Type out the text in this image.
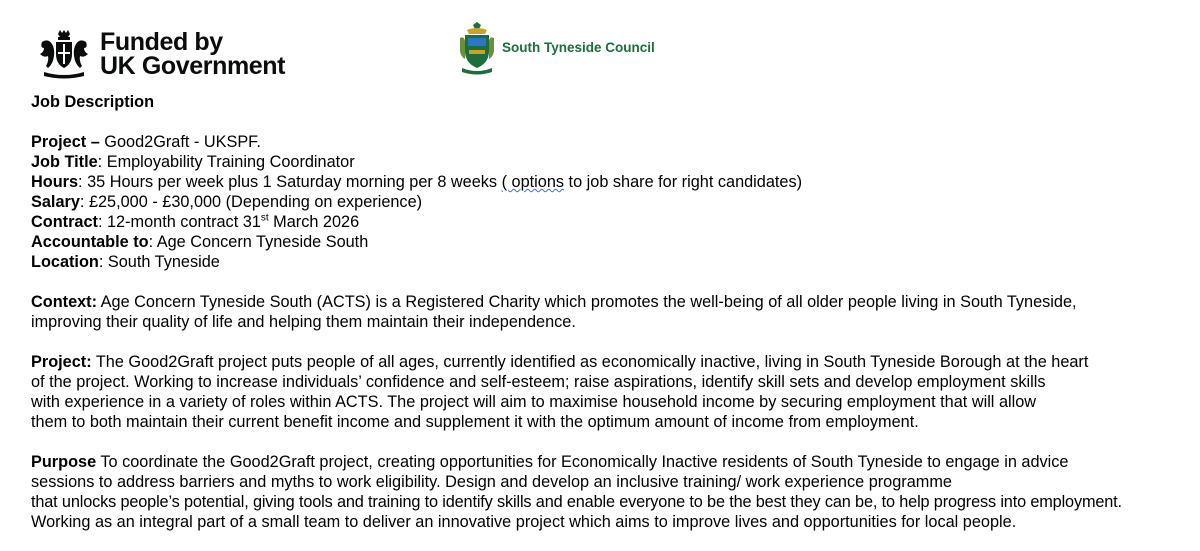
Funded by
UK Government
South Tyneside Council

Job Description

Project – Good2Graft - UKSPF.

Job Title: Employability Training Coordinator

Hours: 35 Hours per week plus 1 Saturday morning per 8 weeks ( options to job share for right candidates)

Salary: £25,000 - £30,000 (Depending on experience)

Contract: 12-month contract 31st March 2026

Accountable to: Age Concern Tyneside South

Location: South Tyneside

Context: Age Concern Tyneside South (ACTS) is a Registered Charity which promotes the well-being of all older people living in South Tyneside,

improving their quality of life and helping them maintain their independence.

Project: The Good2Graft project puts people of all ages, currently identified as economically inactive, living in South Tyneside Borough at the heart

of the project. Working to increase individuals’ confidence and self-esteem; raise aspirations, identify skill sets and develop employment skills

with experience in a variety of roles within ACTS. The project will aim to maximise household income by securing employment that will allow

them to both maintain their current benefit income and supplement it with the optimum amount of income from employment.

Purpose To coordinate the Good2Graft project, creating opportunities for Economically Inactive residents of South Tyneside to engage in advice

sessions to address barriers and myths to work eligibility. Design and develop an inclusive training/ work experience programme

that unlocks people’s potential, giving tools and training to identify skills and enable everyone to be the best they can be, to help progress into employment.

Working as an integral part of a small team to deliver an innovative project which aims to improve lives and opportunities for local people.
